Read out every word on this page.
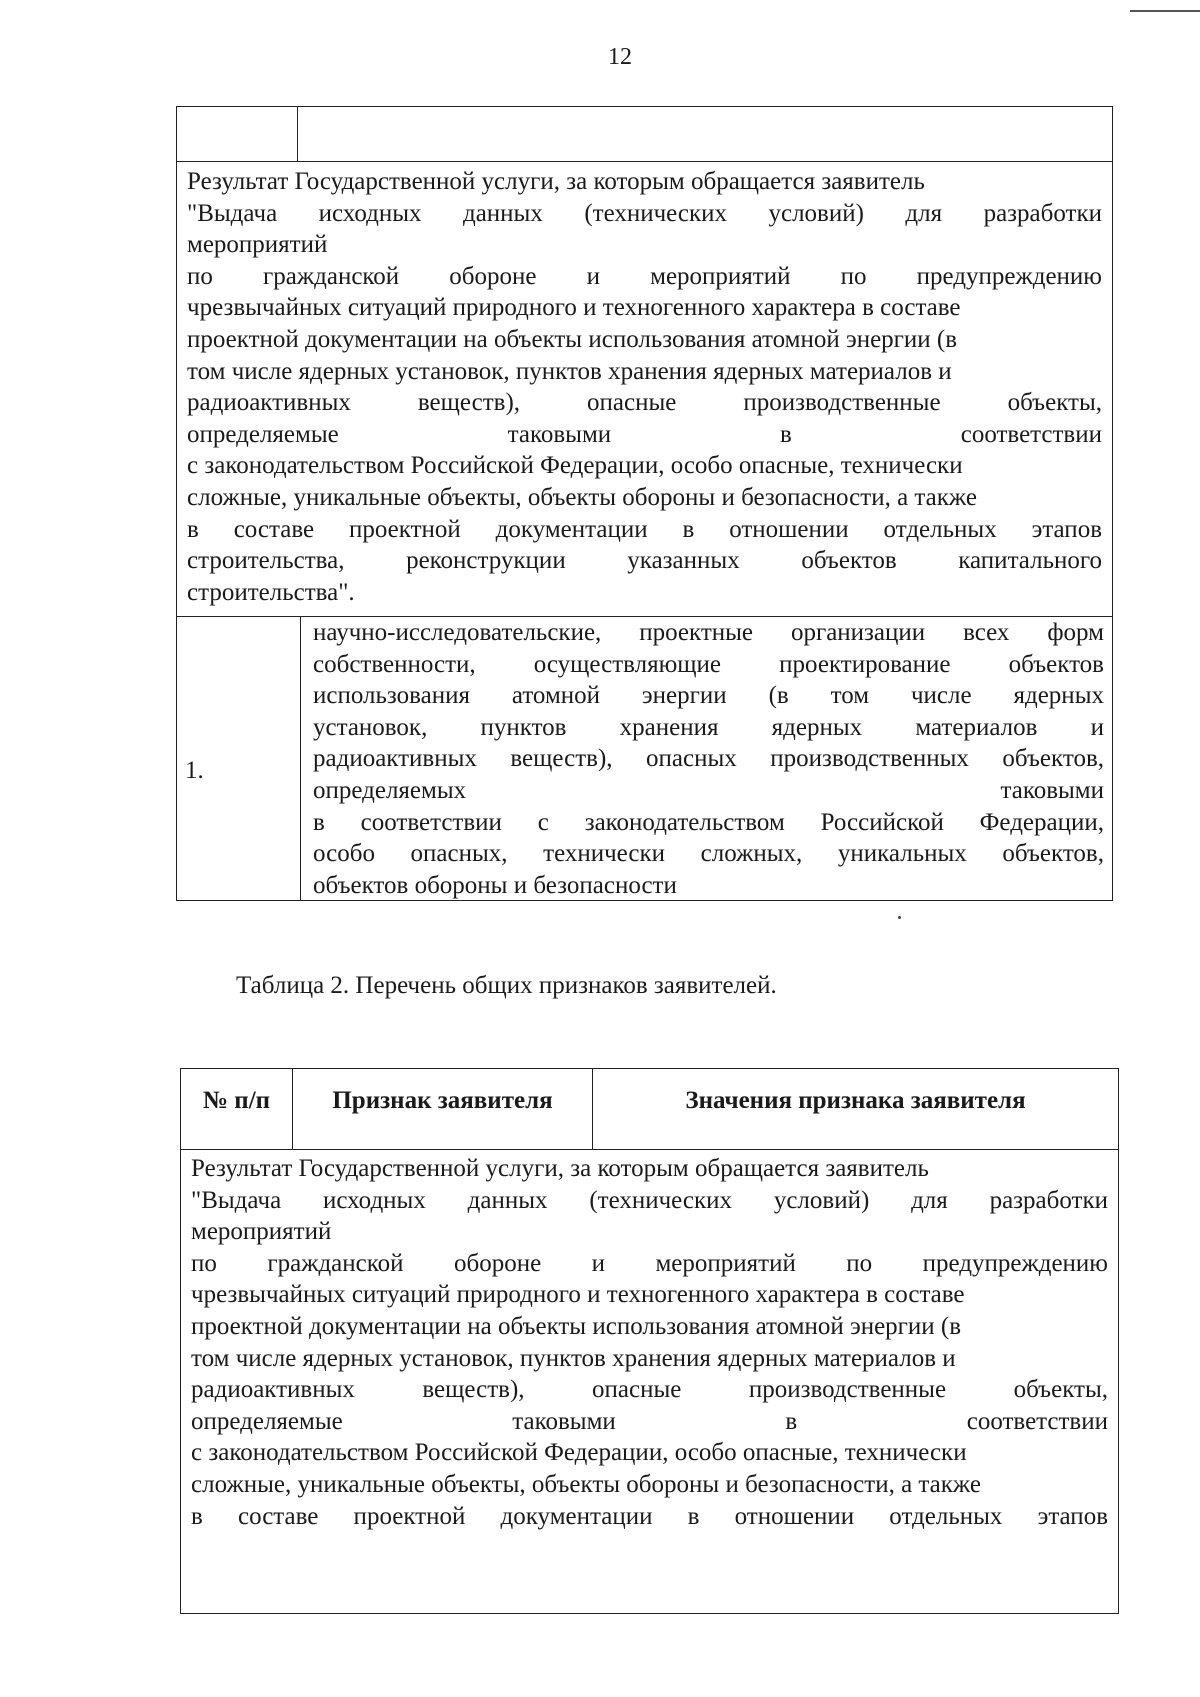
12
Результат Государственной услуги, за которым обращается заявитель
"Выдача исходных данных (технических условий) для разработки
мероприятий
по гражданской обороне и мероприятий по предупреждению
чрезвычайных ситуаций природного и техногенного характера в составе
проектной документации на объекты использования атомной энергии (в
том числе ядерных установок, пунктов хранения ядерных материалов и
радиоактивных веществ), опасные производственные объекты,
определяемые таковыми в соответствии
с законодательством Российской Федерации, особо опасные, технически
сложные, уникальные объекты, объекты обороны и безопасности, а также
в составе проектной документации в отношении отдельных этапов
строительства, реконструкции указанных объектов капитального
строительства".
1.
научно-исследовательские, проектные организации всех форм
собственности, осуществляющие проектирование объектов
использования атомной энергии (в том числе ядерных
установок, пунктов хранения ядерных материалов и
радиоактивных веществ), опасных производственных объектов,
определяемых таковыми
в соответствии с законодательством Российской Федерации,
особо опасных, технически сложных, уникальных объектов,
объектов обороны и безопасности
Таблица 2. Перечень общих признаков заявителей.
№ п/п	Признак заявителя	Значения признака заявителя
Результат Государственной услуги, за которым обращается заявитель
"Выдача исходных данных (технических условий) для разработки
мероприятий
по гражданской обороне и мероприятий по предупреждению
чрезвычайных ситуаций природного и техногенного характера в составе
проектной документации на объекты использования атомной энергии (в
том числе ядерных установок, пунктов хранения ядерных материалов и
радиоактивных веществ), опасные производственные объекты,
определяемые таковыми в соответствии
с законодательством Российской Федерации, особо опасные, технически
сложные, уникальные объекты, объекты обороны и безопасности, а также
в составе проектной документации в отношении отдельных этапов
